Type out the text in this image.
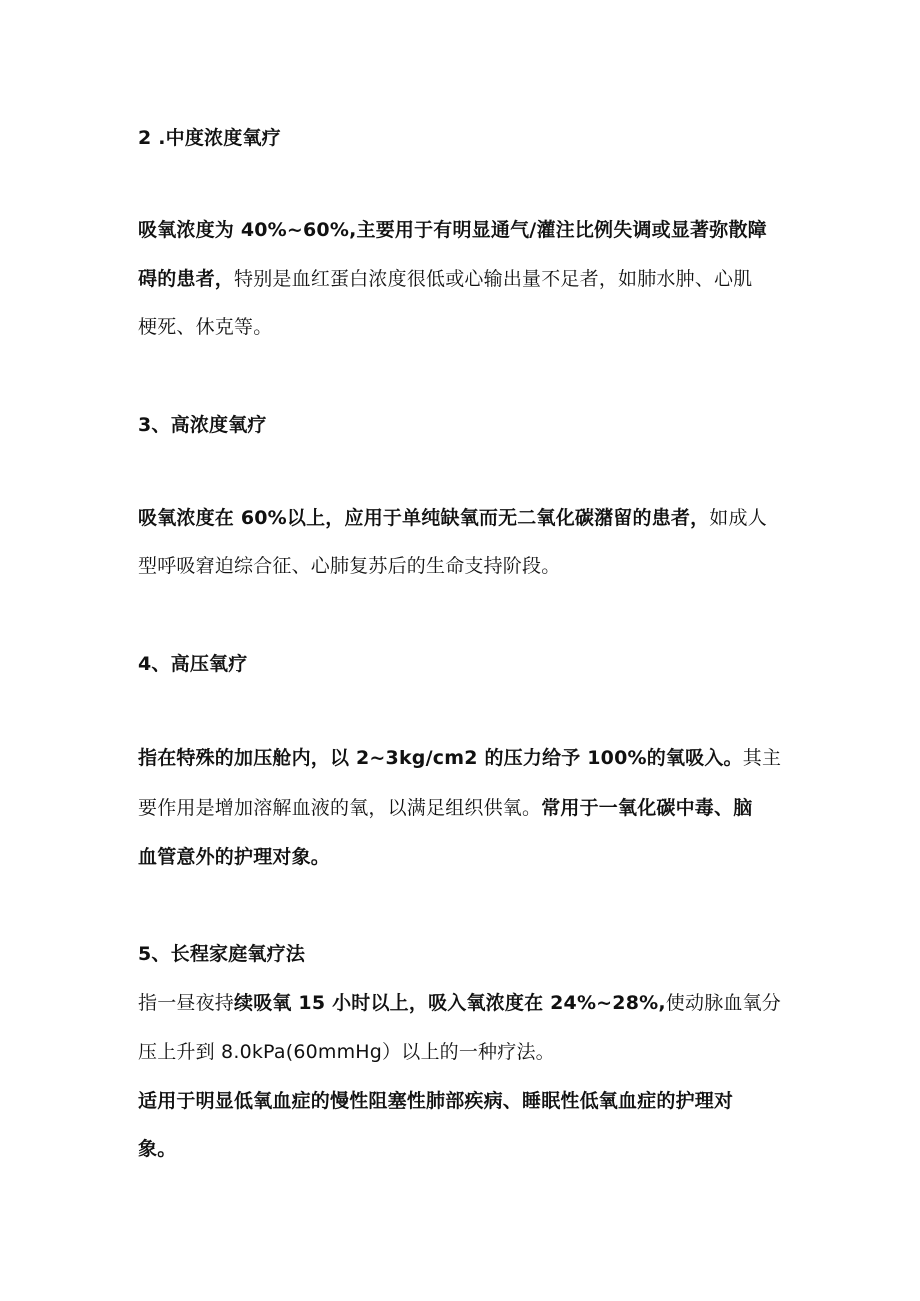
2 .中度浓度氧疗
吸氧浓度为 40%~60%,主要用于有明显通气/灌注比例失调或显著弥散障
碍的患者，特别是血红蛋白浓度很低或心输出量不足者，如肺水肿、心肌
梗死、休克等。
3、高浓度氧疗
吸氧浓度在 60%以上，应用于单纯缺氧而无二氧化碳潴留的患者，如成人
型呼吸窘迫综合征、心肺复苏后的生命支持阶段。
4、高压氧疗
指在特殊的加压舱内，以 2~3kg/cm2 的压力给予 100%的氧吸入。其主
要作用是增加溶解血液的氧，以满足组织供氧。常用于一氧化碳中毒、脑
血管意外的护理对象。
5、长程家庭氧疗法
指一昼夜持续吸氧 15 小时以上，吸入氧浓度在 24%~28%,使动脉血氧分
压上升到 8.0kPa(60mmHg）以上的一种疗法。
适用于明显低氧血症的慢性阻塞性肺部疾病、睡眠性低氧血症的护理对
象。
